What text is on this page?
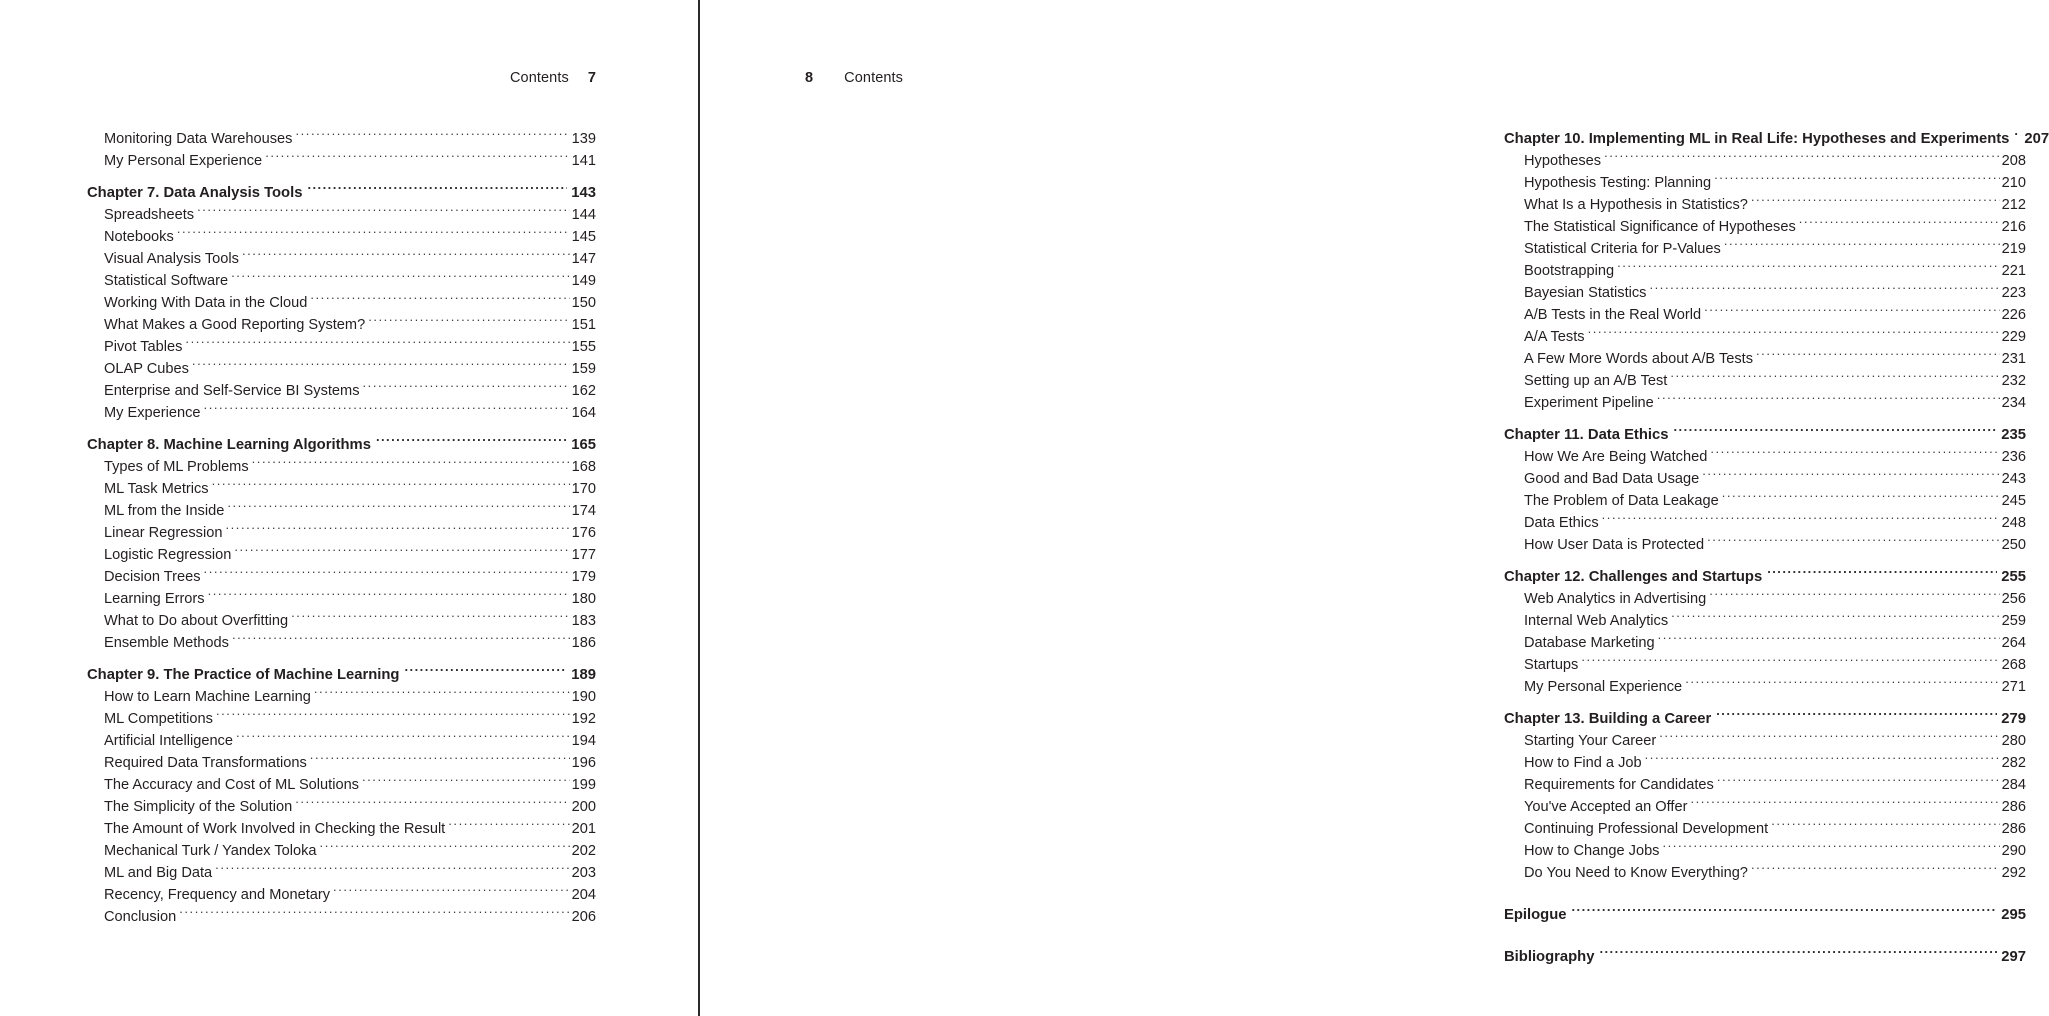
Contents 7
Monitoring Data Warehouses .....	139
My Personal Experience .....	141
Chapter 7. Data Analysis Tools .....	143
Spreadsheets .....	144
Notebooks .....	145
Visual Analysis Tools .....	147
Statistical Software .....	149
Working With Data in the Cloud .....	150
What Makes a Good Reporting System? .....	151
Pivot Tables .....	155
OLAP Cubes .....	159
Enterprise and Self-Service BI Systems .....	162
My Experience .....	164
Chapter 8. Machine Learning Algorithms .....	165
Types of ML Problems .....	168
ML Task Metrics .....	170
ML from the Inside .....	174
Linear Regression .....	176
Logistic Regression .....	177
Decision Trees .....	179
Learning Errors .....	180
What to Do about Overfitting .....	183
Ensemble Methods .....	186
Chapter 9. The Practice of Machine Learning .....	189
How to Learn Machine Learning .....	190
ML Competitions .....	192
Artificial Intelligence .....	194
Required Data Transformations .....	196
The Accuracy and Cost of ML Solutions .....	199
The Simplicity of the Solution .....	200
The Amount of Work Involved in Checking the Result .....	201
Mechanical Turk / Yandex Toloka .....	202
ML and Big Data .....	203
Recency, Frequency and Monetary .....	204
Conclusion .....	206
8 Contents
Chapter 10. Implementing ML in Real Life: Hypotheses and Experiments ..... 207
Hypotheses .....	208
Hypothesis Testing: Planning .....	210
What Is a Hypothesis in Statistics? .....	212
The Statistical Significance of Hypotheses .....	216
Statistical Criteria for P-Values .....	219
Bootstrapping .....	221
Bayesian Statistics .....	223
A/B Tests in the Real World .....	226
A/A Tests .....	229
A Few More Words about A/B Tests .....	231
Setting up an A/B Test .....	232
Experiment Pipeline .....	234
Chapter 11. Data Ethics .....	235
How We Are Being Watched .....	236
Good and Bad Data Usage .....	243
The Problem of Data Leakage .....	245
Data Ethics .....	248
How User Data is Protected .....	250
Chapter 12. Challenges and Startups .....	255
Web Analytics in Advertising .....	256
Internal Web Analytics .....	259
Database Marketing .....	264
Startups .....	268
My Personal Experience .....	271
Chapter 13. Building a Career .....	279
Starting Your Career .....	280
How to Find a Job .....	282
Requirements for Candidates .....	284
You've Accepted an Offer .....	286
Continuing Professional Development .....	286
How to Change Jobs .....	290
Do You Need to Know Everything? .....	292
Epilogue .....	295
Bibliography .....	297
